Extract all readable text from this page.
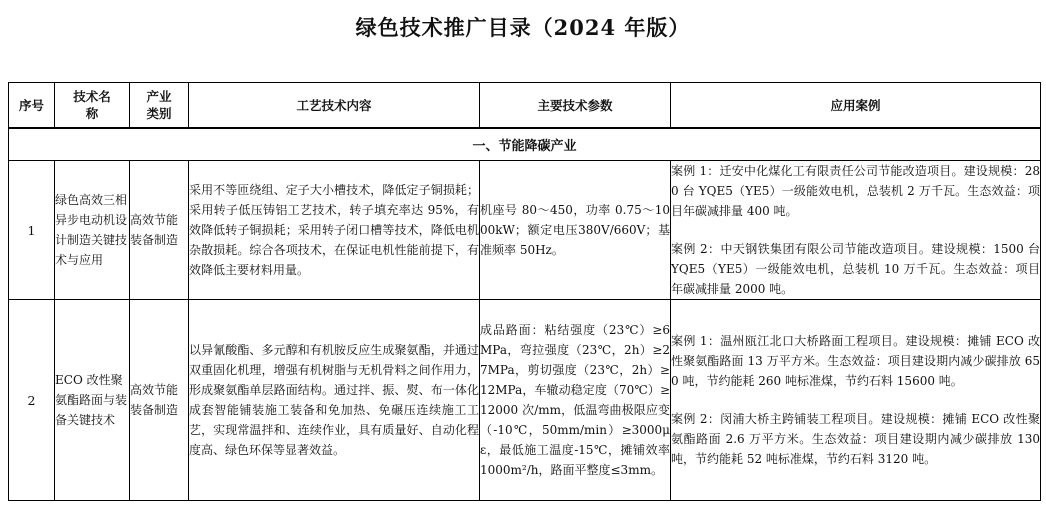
绿色技术推广目录（2024 年版）
序号	技术名称	产业类别	工艺技术内容	主要技术参数	应用案例
一、节能降碳产业					
1	绿色高效三相异步电动机设计制造关键技术与应用	高效节能装备制造	采用不等匝绕组、定子大小槽技术，降低定子铜损耗；采用转子低压铸铝工艺技术，转子填充率达 95%，有效降低转子铜损耗；采用转子闭口槽等技术，降低电机杂散损耗。综合各项技术，在保证电机性能前提下，有效降低主要材料用量。	机座号 80～450，功率 0.75～1000kW；额定电压380V/660V；基准频率 50Hz。	案例 1：迁安中化煤化工有限责任公司节能改造项目。建设规模：280 台 YQE5（YE5）一级能效电机，总装机 2 万千瓦。生态效益：项目年碳减排量 400 吨。
案例 2：中天钢铁集团有限公司节能改造项目。建设规模：1500 台 YQE5（YE5）一级能效电机，总装机 10 万千瓦。生态效益：项目年碳减排量 2000 吨。

2	ECO 改性聚氨酯路面与装备关键技术	高效节能装备制造	以异氰酸酯、多元醇和有机胺反应生成聚氨酯，并通过双重固化机理，增强有机树脂与无机骨料之间作用力，形成聚氨酯单层路面结构。通过拌、振、熨、布一体化成套智能铺装施工装备和免加热、免碾压连续施工工艺，实现常温拌和、连续作业，具有质量好、自动化程度高、绿色环保等显著效益。	成品路面：粘结强度（23℃）≥6MPa，弯拉强度（23℃，2h）≥27MPa，剪切强度（23℃，2h）≥12MPa，车辙动稳定度（70℃）≥12000 次/mm，低温弯曲极限应变（-10℃，50mm/min）≥3000με，最低施工温度-15℃，摊铺效率 1000m²/h，路面平整度≤3mm。	案例 1：温州瓯江北口大桥路面工程项目。建设规模：摊铺 ECO 改性聚氨酯路面 13 万平方米。生态效益：项目建设期内减少碳排放 650 吨，节约能耗 260 吨标准煤，节约石料 15600 吨。
案例 2：闵浦大桥主跨铺装工程项目。建设规模：摊铺 ECO 改性聚氨酯路面 2.6 万平方米。生态效益：项目建设期内减少碳排放 130 吨，节约能耗 52 吨标准煤，节约石料 3120 吨。
